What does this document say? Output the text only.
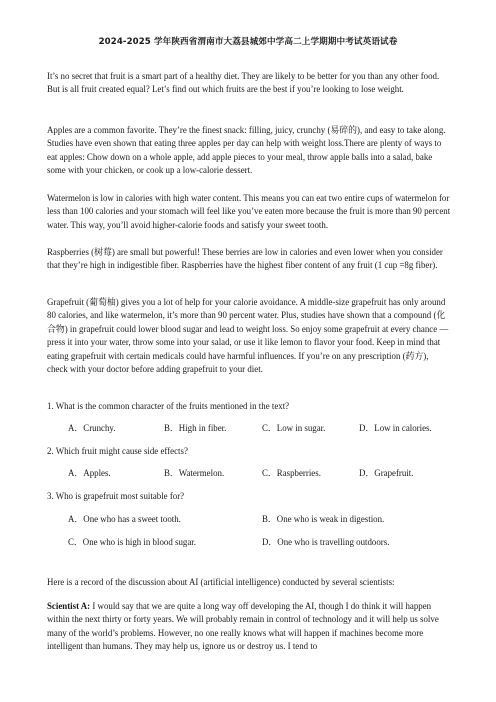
2024-2025 学年陕西省渭南市大荔县城郊中学高二上学期期中考试英语试卷

It’s no secret that fruit is a smart part of a healthy diet. They are likely to be better for you than any other food. But is all fruit created equal? Let’s find out which fruits are the best if you’re looking to lose weight.

Apples are a common favorite. They’re the finest snack: filling, juicy, crunchy (易碎的), and easy to take along. Studies have even shown that eating three apples per day can help with weight loss.There are plenty of ways to eat apples: Chow down on a whole apple, add apple pieces to your meal, throw apple balls into a salad, bake some with your chicken, or cook up a low-calorie dessert.

Watermelon is low in calories with high water content. This means you can eat two entire cups of watermelon for less than 100 calories and your stomach will feel like you’ve eaten more because the fruit is more than 90 percent water. This way, you’ll avoid higher-calorie foods and satisfy your sweet tooth.

Raspberries (树莓) are small but powerful! These berries are low in calories and even lower when you consider that they’re high in indigestible fiber. Raspberries have the highest fiber content of any fruit (1 cup =8g fiber).

Grapefruit (葡萄柚) gives you a lot of help for your calorie avoidance. A middle-size grapefruit has only around 80 calories, and like watermelon, it’s more than 90 percent water. Plus, studies have shown that a compound (化合物) in grapefruit could lower blood sugar and lead to weight loss. So enjoy some grapefruit at every chance — press it into your water, throw some into your salad, or use it like lemon to flavor your food. Keep in mind that eating grapefruit with certain medicals could have harmful influences. If you’re on any prescription (药方), check with your doctor before adding grapefruit to your diet.

1. What is the common character of the fruits mentioned in the text?

A．Crunchy.	B．High in fiber.	C．Low in sugar.	D．Low in calories.

2. Which fruit might cause side effects?

A．Apples.	B．Watermelon.	C．Raspberries.	D．Grapefruit.

3. Who is grapefruit most suitable for?

A．One who has a sweet tooth.	B．One who is weak in digestion.
C．One who is high in blood sugar.	D．One who is travelling outdoors.

Here is a record of the discussion about AI (artificial intelligence) conducted by several scientists:

Scientist A: I would say that we are quite a long way off developing the AI, though I do think it will happen within the next thirty or forty years. We will probably remain in control of technology and it will help us solve many of the world’s problems. However, no one really knows what will happen if machines become more intelligent than humans. They may help us, ignore us or destroy us. I tend to
